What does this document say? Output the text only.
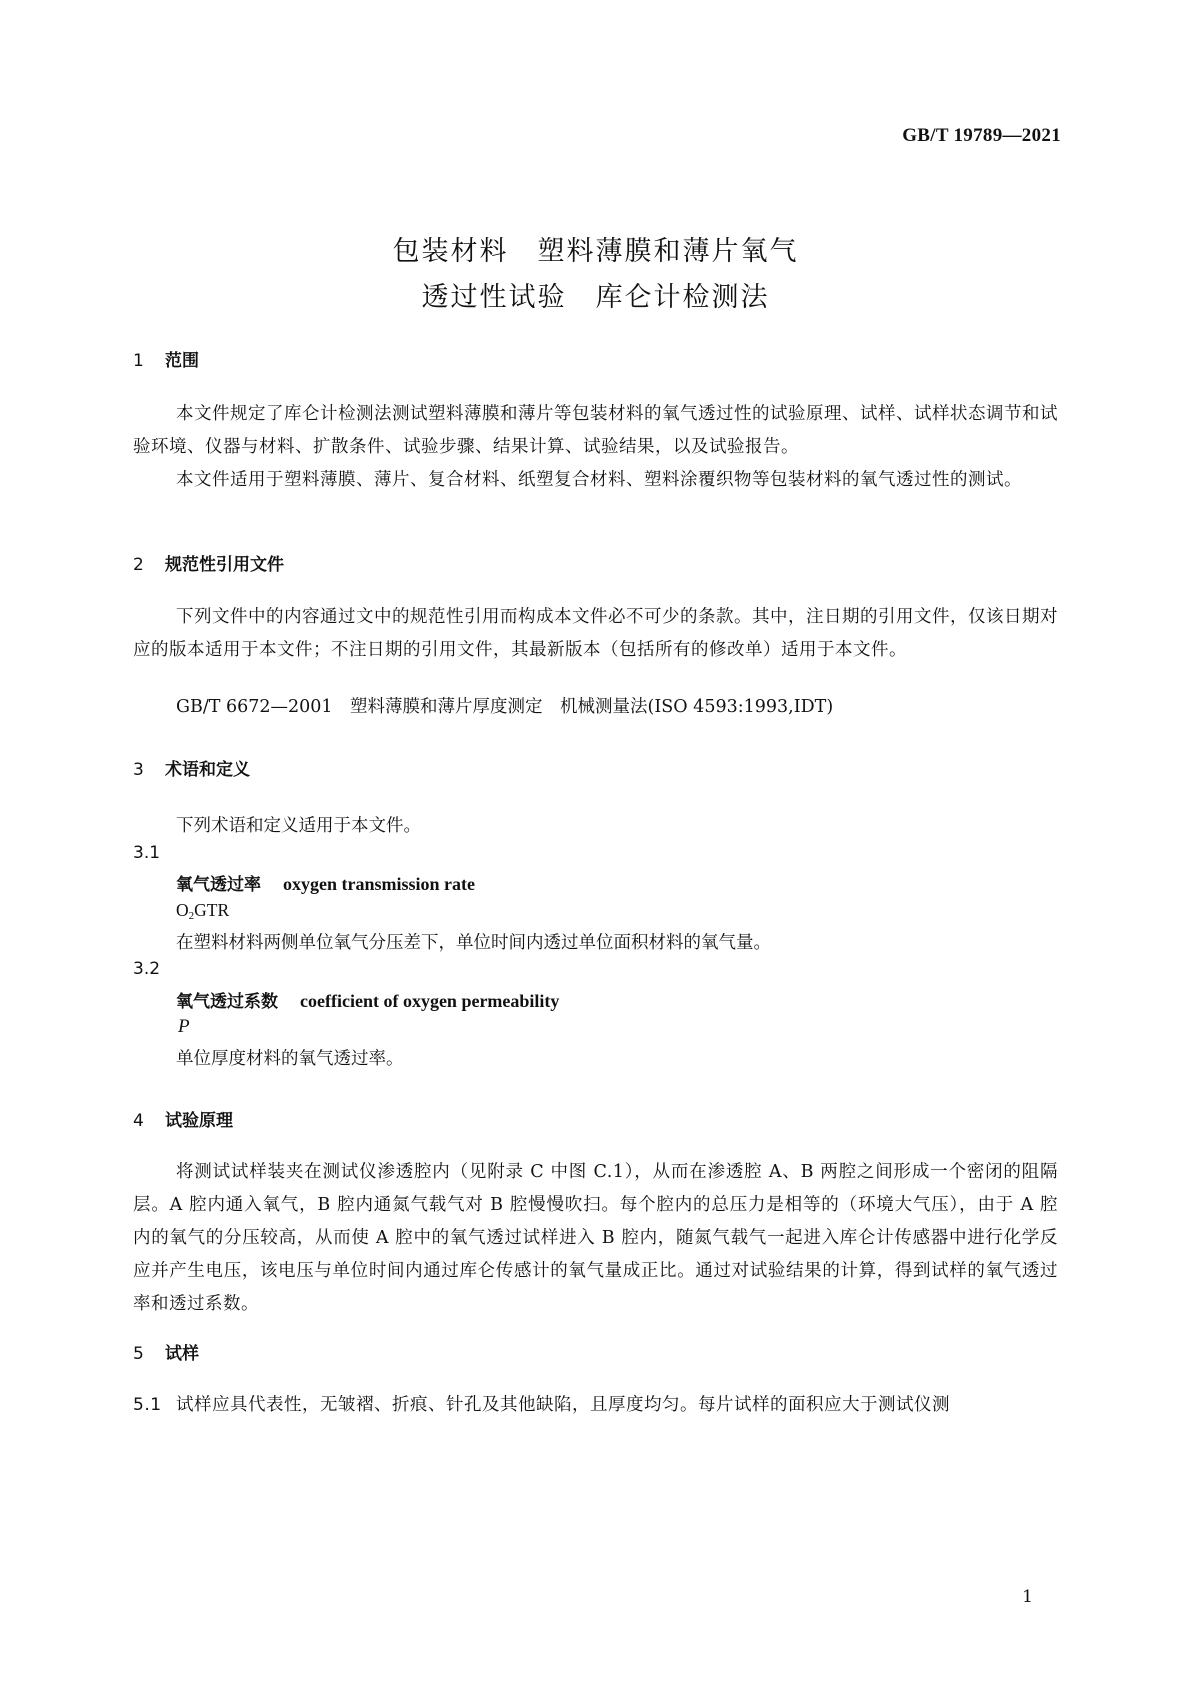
GB/T 19789—2021
包装材料　塑料薄膜和薄片氧气
透过性试验　库仑计检测法
1 范围
本文件规定了库仑计检测法测试塑料薄膜和薄片等包装材料的氧气透过性的试验原理、试样、试样状态调节和试验环境、仪器与材料、扩散条件、试验步骤、结果计算、试验结果，以及试验报告。
本文件适用于塑料薄膜、薄片、复合材料、纸塑复合材料、塑料涂覆织物等包装材料的氧气透过性的测试。
2 规范性引用文件
下列文件中的内容通过文中的规范性引用而构成本文件必不可少的条款。其中，注日期的引用文件，仅该日期对应的版本适用于本文件；不注日期的引用文件，其最新版本（包括所有的修改单）适用于本文件。
GB/T 6672—2001　塑料薄膜和薄片厚度测定　机械测量法(ISO 4593:1993,IDT)
3 术语和定义
下列术语和定义适用于本文件。
3.1
氧气透过率 oxygen transmission rate
$O_2GTR$
在塑料材料两侧单位氧气分压差下，单位时间内透过单位面积材料的氧气量。
3.2
氧气透过系数 coefficient of oxygen permeability
P
单位厚度材料的氧气透过率。
4 试验原理
将测试试样装夹在测试仪渗透腔内（见附录 C 中图 C.1），从而在渗透腔 A、B 两腔之间形成一个密闭的阻隔层。A 腔内通入氧气，B 腔内通氮气载气对 B 腔慢慢吹扫。每个腔内的总压力是相等的（环境大气压），由于 A 腔内的氧气的分压较高，从而使 A 腔中的氧气透过试样进入 B 腔内，随氮气载气一起进入库仑计传感器中进行化学反应并产生电压，该电压与单位时间内通过库仑传感计的氧气量成正比。通过对试验结果的计算，得到试样的氧气透过率和透过系数。
5 试样
5.1 试样应具代表性，无皱褶、折痕、针孔及其他缺陷，且厚度均匀。每片试样的面积应大于测试仪测
1
